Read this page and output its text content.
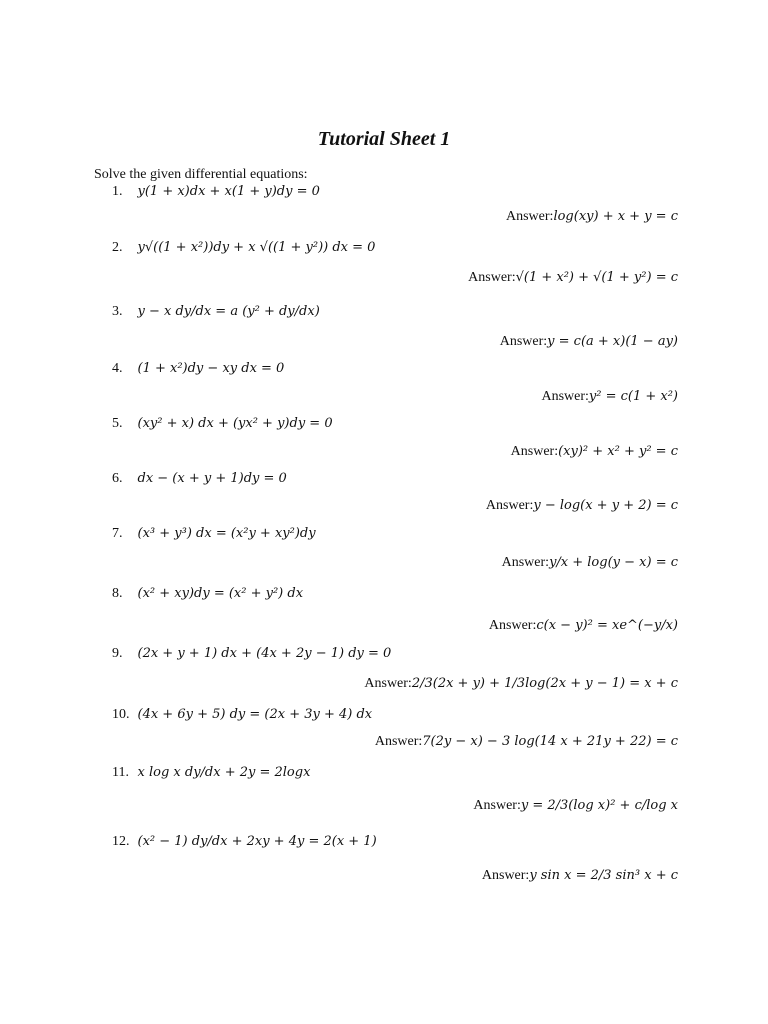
Tutorial Sheet 1
Solve the given differential equations:
1. y(1 + x)dx + x(1 + y)dy = 0
Answer:log(xy) + x + y = c
2. y√((1 + x²))dy + x √((1 + y²)) dx = 0
Answer:√(1 + x²) + √(1 + y²) = c
3. y − x dy/dx = a (y² + dy/dx)
Answer:y = c(a + x)(1 − ay)
4. (1 + x²)dy − xy dx = 0
Answer:y² = c(1 + x²)
5. (xy² + x) dx + (yx² + y)dy = 0
Answer:(xy)² + x² + y² = c
6. dx − (x + y + 1)dy = 0
Answer:y − log(x + y + 2) = c
7. (x³ + y³) dx = (x²y + xy²)dy
Answer:y/x + log(y − x) = c
8. (x² + xy)dy = (x² + y²) dx
Answer:c(x − y)² = xe^(−y/x)
9. (2x + y + 1) dx + (4x + 2y − 1) dy = 0
Answer:2/3(2x + y) + 1/3log(2x + y − 1) = x + c
10. (4x + 6y + 5) dy = (2x + 3y + 4) dx
Answer:7(2y − x) − 3 log(14 x + 21y + 22) = c
11. x log x dy/dx + 2y = 2logx
Answer:y = 2/3(log x)² + c/log x
12. (x² − 1) dy/dx + 2xy + 4y = 2(x + 1)
Answer:y sin x = 2/3 sin³ x + c
